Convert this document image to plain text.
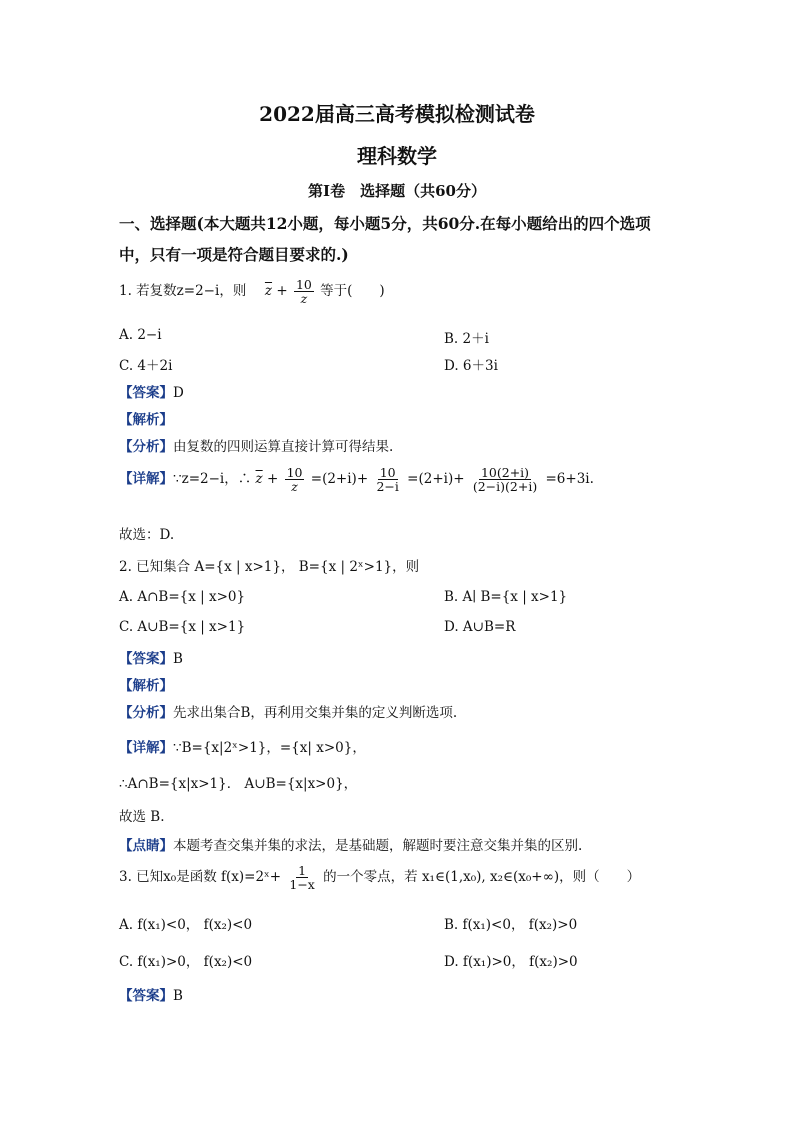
2022届高三高考模拟检测试卷
理科数学
第Ⅰ卷　选择题（共60分）
一、选择题(本大题共12小题，每小题5分，共60分.在每小题给出的四个选项
中，只有一项是符合题目要求的.)
1. 若复数z=2−i，则 $\overline{z} + \frac{10}{z}$ 等于(　　)
A. 2−i	B. 2＋i
C. 4＋2i	D. 6＋3i
【答案】D
【解析】
【分析】由复数的四则运算直接计算可得结果.
【详解】∵z=2−i，∴ $\overline{z} + \frac{10}{z} =(2+i)+ \frac{10}{2-i} =(2+i)+ \frac{10(2+i)}{(2-i)(2+i)} =6+3i$.
故选：D.
2. 已知集合 A={x | x>1}， B={x | 2ˣ>1}，则
A. A∩B={x | x>0}	B. A∣ B={x | x>1}
C. A∪B={x | x>1}	D. A∪B=R
【答案】B
【解析】
【分析】先求出集合B，再利用交集并集的定义判断选项.
【详解】∵B={x|2ˣ>1}，={x| x>0}，
∴A∩B={x|x>1}． A∪B={x|x>0}，
故选 B.
【点睛】本题考查交集并集的求法，是基础题，解题时要注意交集并集的区别.
3. 已知x₀是函数 f(x)=2ˣ+ $\frac{1}{1-x}$ 的一个零点，若 x₁∈(1,x₀), x₂∈(x₀+∞)，则（　　）
A. f(x₁)<0， f(x₂)<0	B. f(x₁)<0， f(x₂)>0
C. f(x₁)>0， f(x₂)<0	D. f(x₁)>0， f(x₂)>0
【答案】B
